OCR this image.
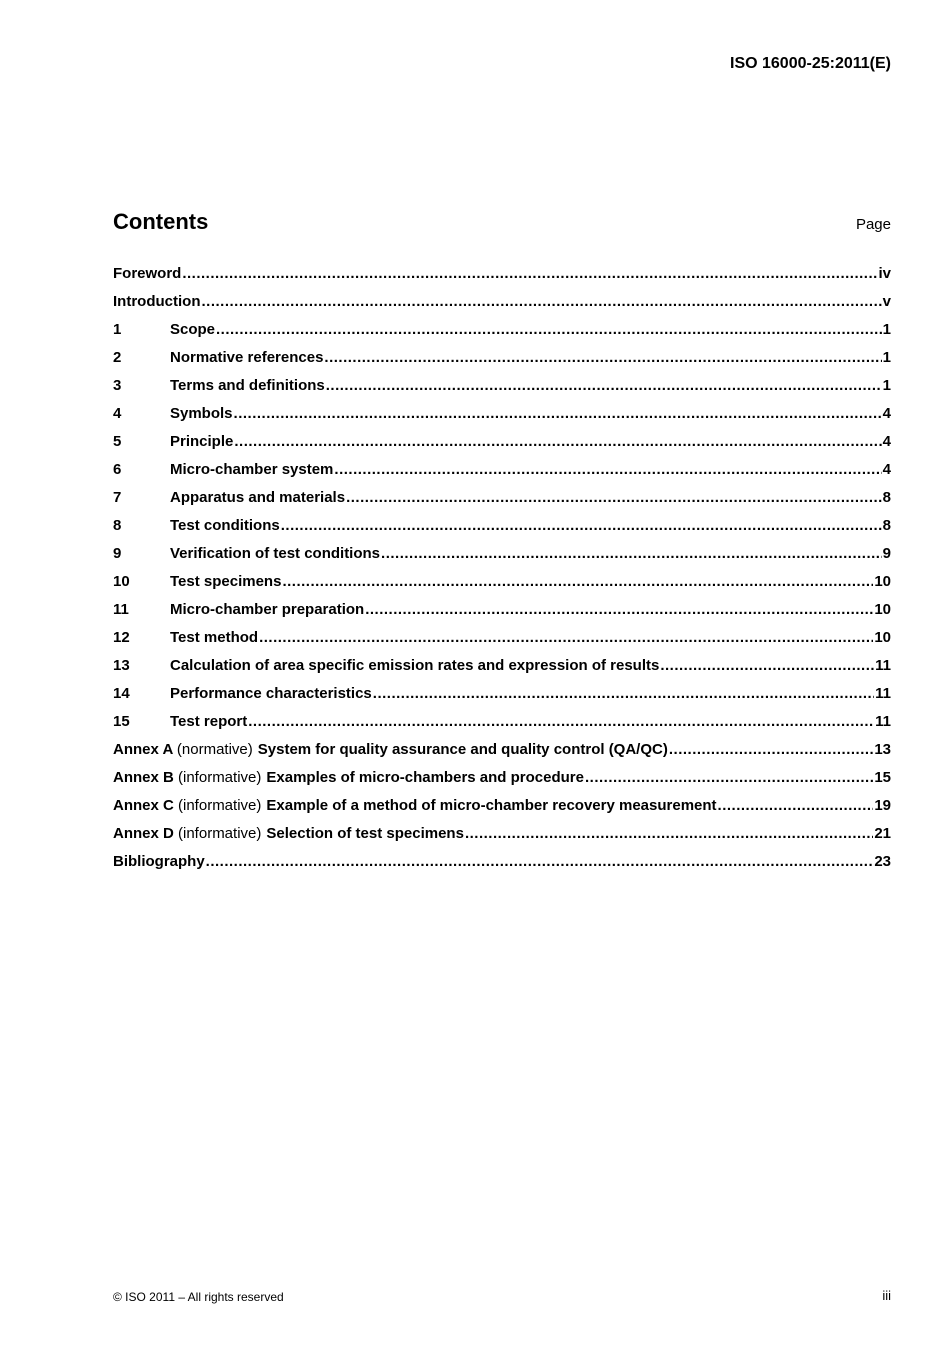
ISO 16000-25:2011(E)
Contents	Page
Foreword .....	iv
Introduction .....	v
1	Scope .....	1
2	Normative references .....	1
3	Terms and definitions .....	1
4	Symbols .....	4
5	Principle .....	4
6	Micro-chamber system .....	4
7	Apparatus and materials .....	8
8	Test conditions .....	8
9	Verification of test conditions .....	9
10	Test specimens .....	10
11	Micro-chamber preparation .....	10
12	Test method .....	10
13	Calculation of area specific emission rates and expression of results .....	11
14	Performance characteristics .....	11
15	Test report .....	11
Annex A (normative) System for quality assurance and quality control (QA/QC) .....	13
Annex B (informative) Examples of micro-chambers and procedure .....	15
Annex C (informative) Example of a method of micro-chamber recovery measurement .....	19
Annex D (informative) Selection of test specimens .....	21
Bibliography .....	23
© ISO 2011 – All rights reserved	iii
